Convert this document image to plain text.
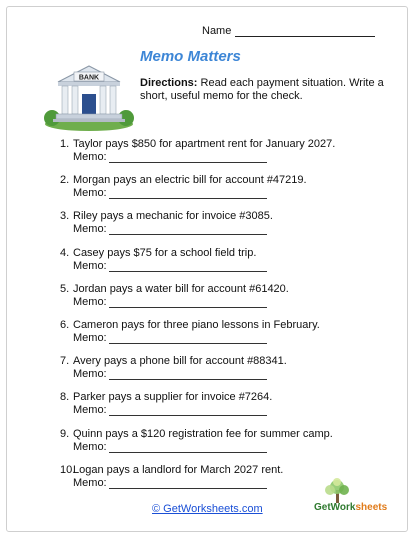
Name
BANK
Memo Matters
Directions: Read each payment situation. Write a short, useful memo for the check.
1. Taylor pays $850 for apartment rent for January 2027.
Memo:
2. Morgan pays an electric bill for account #47219.
Memo:
3. Riley pays a mechanic for invoice #3085.
Memo:
4. Casey pays $75 for a school field trip.
Memo:
5. Jordan pays a water bill for account #61420.
Memo:
6. Cameron pays for three piano lessons in February.
Memo:
7. Avery pays a phone bill for account #88341.
Memo:
8. Parker pays a supplier for invoice #7264.
Memo:
9. Quinn pays a $120 registration fee for summer camp.
Memo:
10.
Logan pays a landlord for March 2027 rent.
Memo:
© GetWorksheets.com	GetWorksheets
